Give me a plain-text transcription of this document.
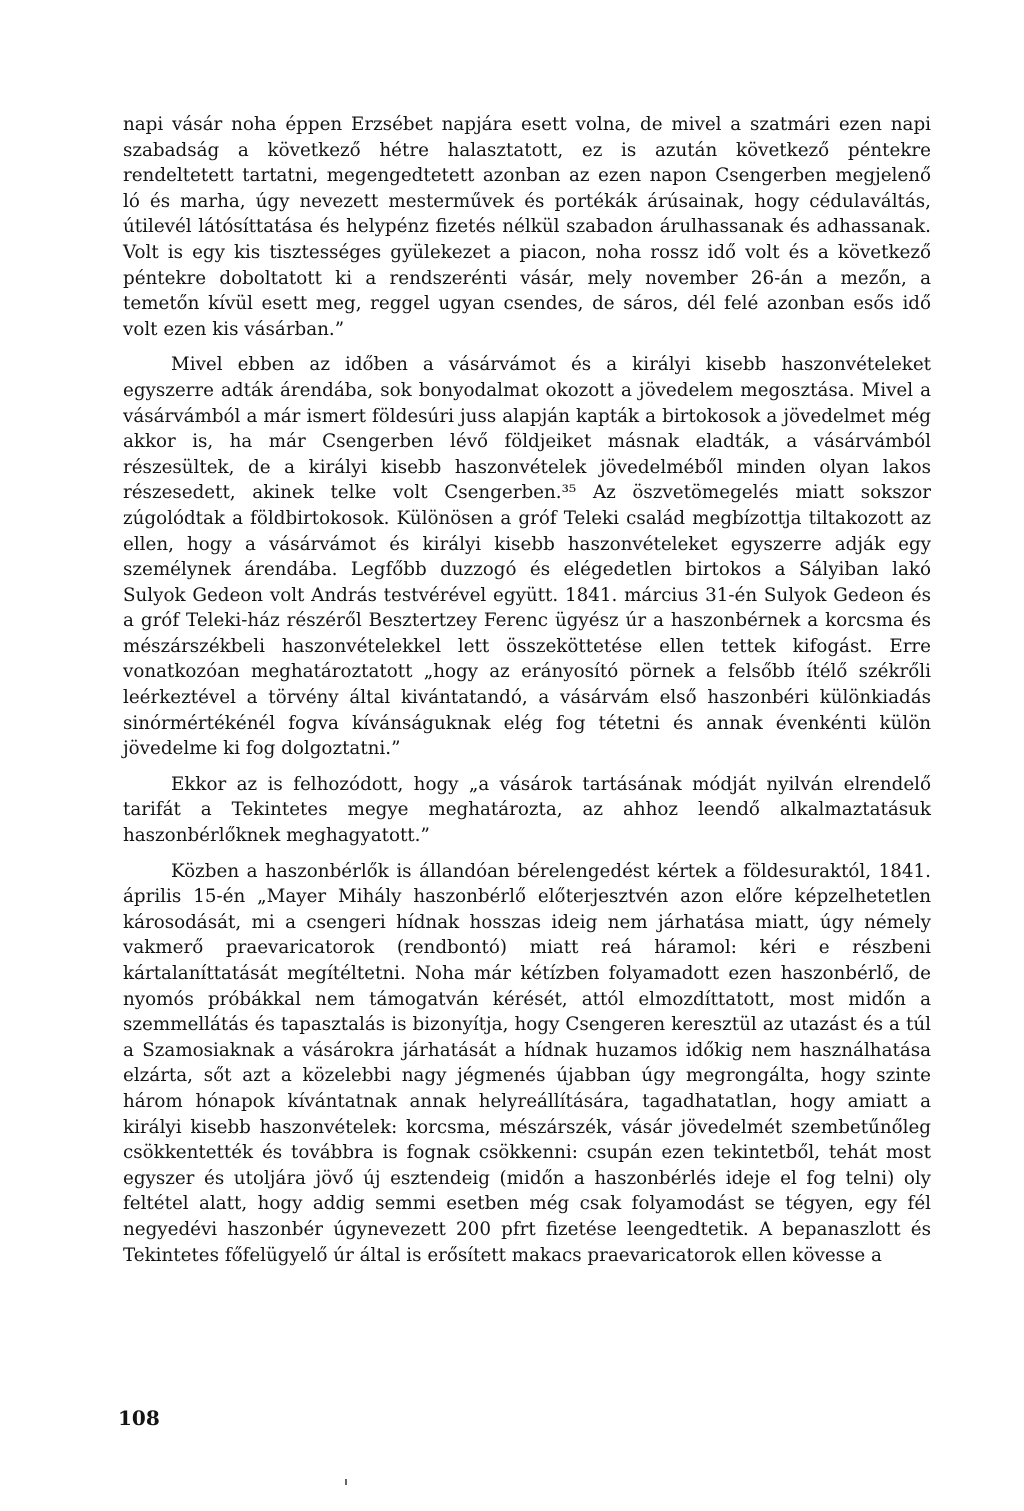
napi vásár noha éppen Erzsébet napjára esett volna, de mivel a szatmári ezen napi szabadság a következő hétre halasztatott, ez is azután következő péntekre rendeltetett tartatni, megengedtetett azonban az ezen napon Csengerben megjelenő ló és marha, úgy nevezett mesterművek és portékák árúsainak, hogy cédulaváltás, útilevél látósíttatása és helypénz fizetés nélkül szabadon árulhassanak és adhassanak. Volt is egy kis tisztességes gyülekezet a piacon, noha rossz idő volt és a következő péntekre doboltatott ki a rendszerénti vásár, mely november 26-án a mezőn, a temetőn kívül esett meg, reggel ugyan csendes, de sáros, dél felé azonban esős idő volt ezen kis vásárban.”

Mivel ebben az időben a vásárvámot és a királyi kisebb haszonvételeket egyszerre adták árendába, sok bonyodalmat okozott a jövedelem megosztása. Mivel a vásárvámból a már ismert földesúri juss alapján kapták a birtokosok a jövedelmet még akkor is, ha már Csengerben lévő földjeiket másnak eladták, a vásárvámból részesültek, de a királyi kisebb haszonvételek jövedelméből minden olyan lakos részesedett, akinek telke volt Csengerben.³⁵ Az öszvetömegelés miatt sokszor zúgolódtak a földbirtokosok. Különösen a gróf Teleki család megbízottja tiltakozott az ellen, hogy a vásárvámot és királyi kisebb haszonvételeket egyszerre adják egy személynek árendába. Legfőbb duzzogó és elégedetlen birtokos a Sályiban lakó Sulyok Gedeon volt András testvérével együtt. 1841. március 31-én Sulyok Gedeon és a gróf Teleki-ház részéről Besztertzey Ferenc ügyész úr a haszonbérnek a korcsma és mészárszékbeli haszonvételekkel lett összeköttetése ellen tettek kifogást. Erre vonatkozóan meghatároztatott „hogy az erányosító pörnek a felsőbb ítélő székrőli leérkeztével a törvény által kivántatandó, a vásárvám első haszonbéri különkiadás sinórmértékénél fogva kívánságuknak elég fog tétetni és annak évenkénti külön jövedelme ki fog dolgoztatni.”

Ekkor az is felhozódott, hogy „a vásárok tartásának módját nyilván elrendelő tarifát a Tekintetes megye meghatározta, az ahhoz leendő alkalmaztatásuk haszonbérlőknek meghagyatott.”

Közben a haszonbérlők is állandóan bérelengedést kértek a földesuraktól, 1841. április 15-én „Mayer Mihály haszonbérlő előterjesztvén azon előre képzelhetetlen károsodását, mi a csengeri hídnak hosszas ideig nem járhatása miatt, úgy némely vakmerő praevaricatorok (rendbontó) miatt reá háramol: kéri e részbeni kártalaníttatását megítéltetni. Noha már kétízben folyamadott ezen haszonbérlő, de nyomós próbákkal nem támogatván kérését, attól elmozdíttatott, most midőn a szemmellátás és tapasztalás is bizonyítja, hogy Csengeren keresztül az utazást és a túl a Szamosiaknak a vásárokra járhatását a hídnak huzamos időkig nem használhatása elzárta, sőt azt a közelebbi nagy jégmenés újabban úgy megrongálta, hogy szinte három hónapok kívántatnak annak helyreállítására, tagadhatatlan, hogy amiatt a királyi kisebb haszonvételek: korcsma, mészárszék, vásár jövedelmét szembetűnőleg csökkentették és továbbra is fognak csökkenni: csupán ezen tekintetből, tehát most egyszer és utoljára jövő új esztendeig (midőn a haszonbérlés ideje el fog telni) oly feltétel alatt, hogy addig semmi esetben még csak folyamodást se tégyen, egy fél negyedévi haszonbér úgynevezett 200 pfrt fizetése leengedtetik. A bepanaszlott és Tekintetes főfelügyelő úr által is erősített makacs praevaricatorok ellen kövesse a

108
